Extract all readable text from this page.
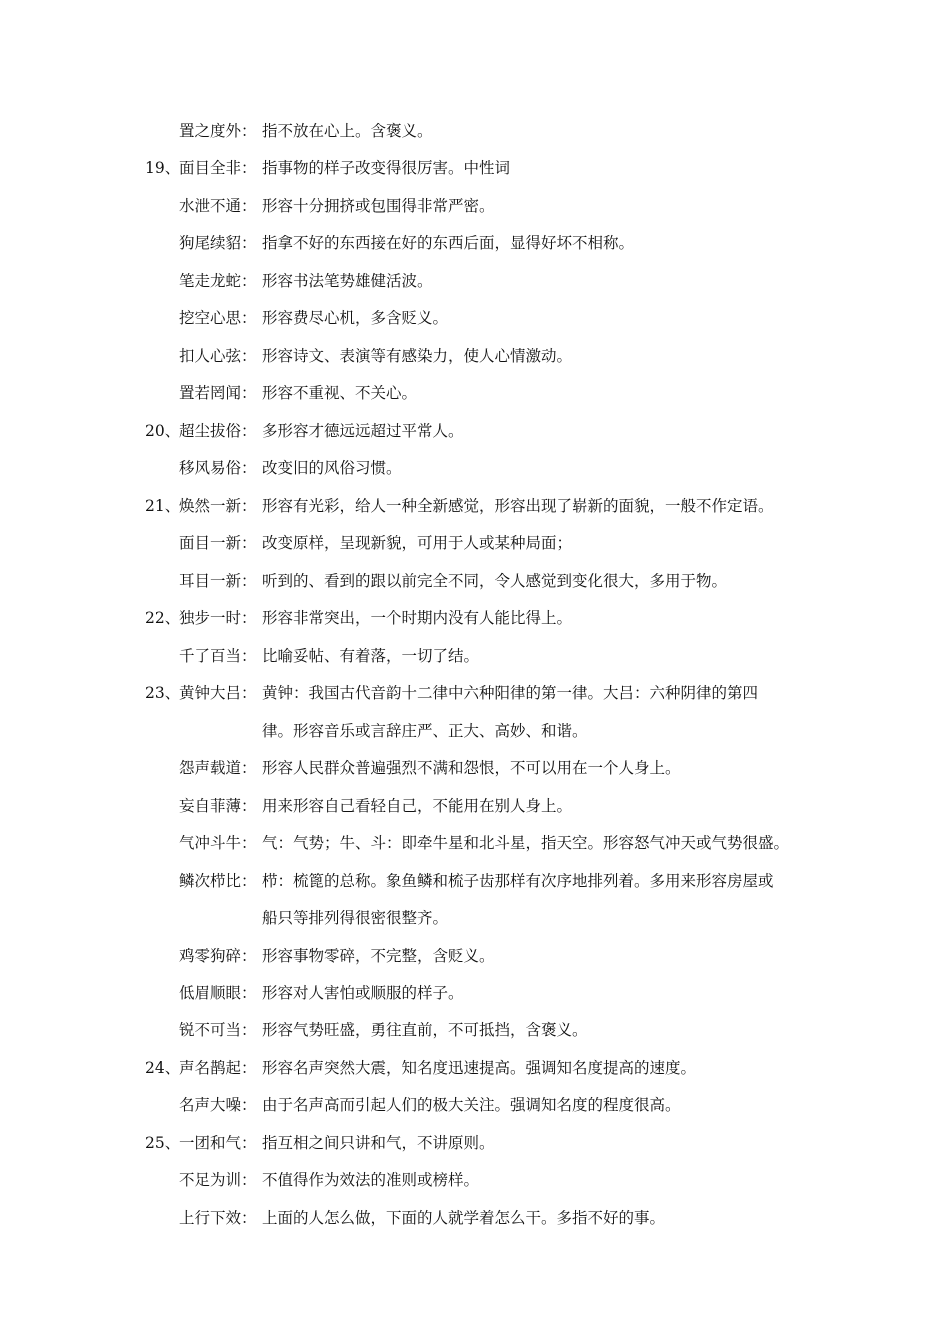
置之度外： 指不放在心上。含褒义。
19、
面目全非： 指事物的样子改变得很厉害。中性词
水泄不通： 形容十分拥挤或包围得非常严密。
狗尾续貂： 指拿不好的东西接在好的东西后面，显得好坏不相称。
笔走龙蛇： 形容书法笔势雄健活波。
挖空心思： 形容费尽心机，多含贬义。
扣人心弦： 形容诗文、表演等有感染力，使人心情激动。
置若罔闻： 形容不重视、不关心。
20、
超尘拔俗： 多形容才德远远超过平常人。
移风易俗： 改变旧的风俗习惯。
21、
焕然一新： 形容有光彩，给人一种全新感觉，形容出现了崭新的面貌，一般不作定语。
面目一新： 改变原样，呈现新貌，可用于人或某种局面；
耳目一新： 听到的、看到的跟以前完全不同，令人感觉到变化很大，多用于物。
22、
独步一时： 形容非常突出，一个时期内没有人能比得上。
千了百当： 比喻妥帖、有着落，一切了结。
23、
黄钟大吕： 黄钟：我国古代音韵十二律中六种阳律的第一律。大吕：六种阴律的第四
律。形容音乐或言辞庄严、正大、高妙、和谐。
怨声载道： 形容人民群众普遍强烈不满和怨恨，不可以用在一个人身上。
妄自菲薄： 用来形容自己看轻自己，不能用在别人身上。
气冲斗牛： 气：气势；牛、斗：即牵牛星和北斗星，指天空。形容怒气冲天或气势很盛。
鳞次栉比： 栉：梳篦的总称。象鱼鳞和梳子齿那样有次序地排列着。多用来形容房屋或
船只等排列得很密很整齐。
鸡零狗碎： 形容事物零碎，不完整，含贬义。
低眉顺眼： 形容对人害怕或顺服的样子。
锐不可当： 形容气势旺盛，勇往直前，不可抵挡，含褒义。
24、
声名鹊起： 形容名声突然大震，知名度迅速提高。强调知名度提高的速度。
名声大噪： 由于名声高而引起人们的极大关注。强调知名度的程度很高。
25、
一团和气： 指互相之间只讲和气，不讲原则。
不足为训： 不值得作为效法的准则或榜样。
上行下效： 上面的人怎么做，下面的人就学着怎么干。多指不好的事。
